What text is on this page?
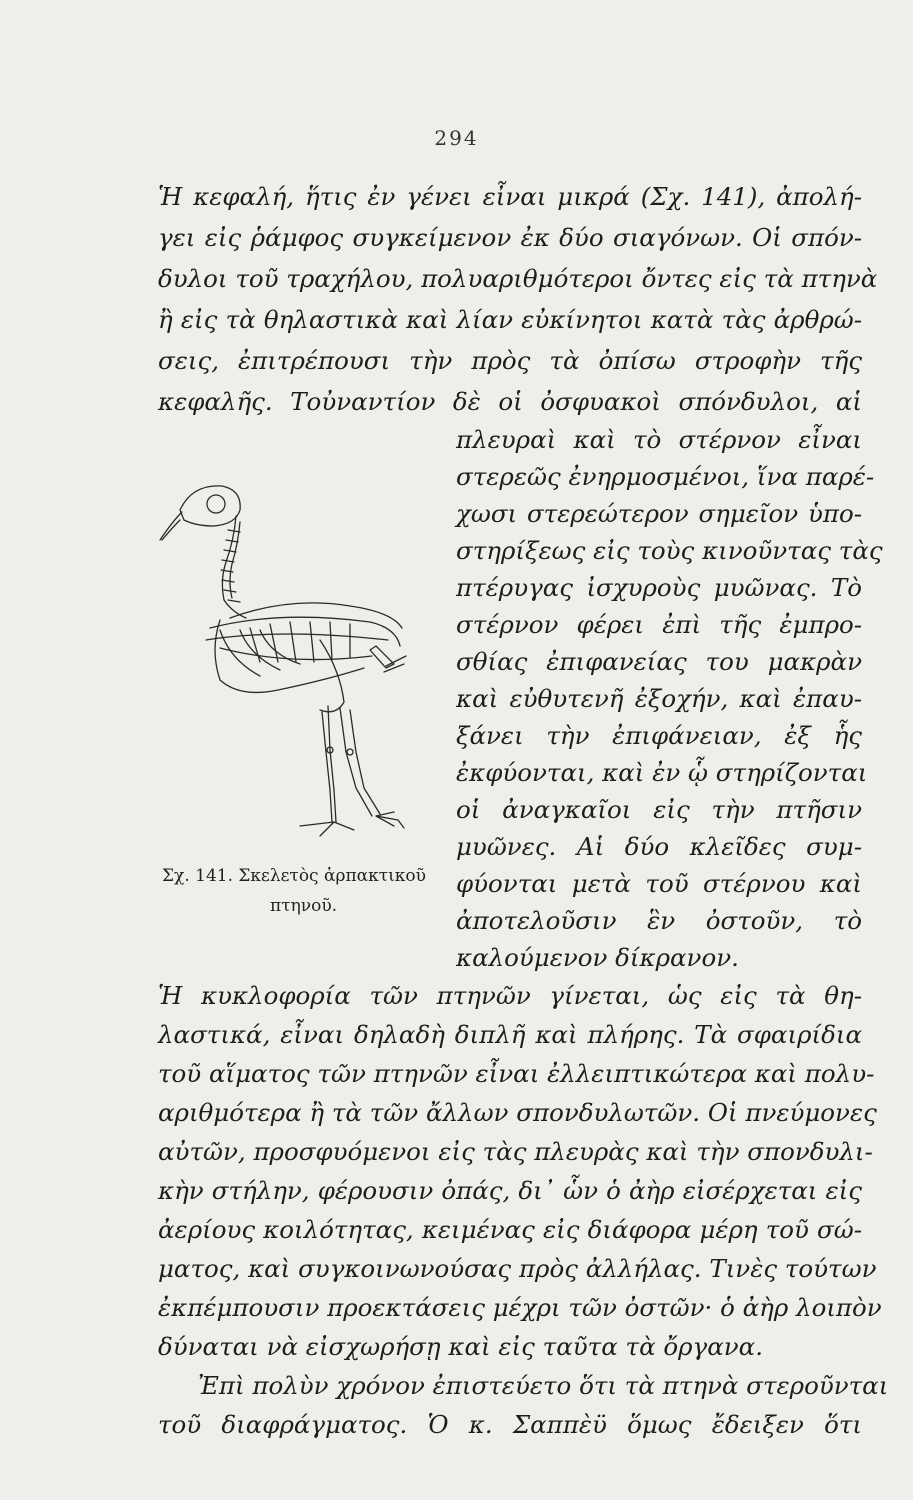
294
Ἡ κεφαλή, ἥτις ἐν γένει εἶναι μικρά (Σχ. 141), ἀπολή-
γει εἰς ῥάμφος συγκείμενον ἐκ δύο σιαγόνων. Οἱ σπόν-
δυλοι τοῦ τραχήλου, πολυαριθμότεροι ὄντες εἰς τὰ πτηνὰ
ἢ εἰς τὰ θηλαστικὰ καὶ λίαν εὐκίνητοι κατὰ τὰς ἀρθρώ-
σεις, ἐπιτρέπουσι τὴν πρὸς τὰ ὀπίσω στροφὴν τῆς
κεφαλῆς. Τοὐναντίον δὲ οἱ ὀσφυακοὶ σπόνδυλοι, αἱ
πλευραὶ καὶ τὸ στέρνον εἶναι
στερεῶς ἐνηρμοσμένοι, ἵνα παρέ-
χωσι στερεώτερον σημεῖον ὑπο-
στηρίξεως εἰς τοὺς κινοῦντας τὰς
πτέρυγας ἰσχυροὺς μυῶνας. Τὸ
στέρνον φέρει ἐπὶ τῆς ἐμπρο-
σθίας ἐπιφανείας του μακρὰν
καὶ εὐθυτενῆ ἐξοχήν, καὶ ἐπαυ-
ξάνει τὴν ἐπιφάνειαν, ἐξ ἧς
ἐκφύονται, καὶ ἐν ᾧ στηρίζονται
οἱ ἀναγκαῖοι εἰς τὴν πτῆσιν
μυῶνες. Αἱ δύο κλεῖδες συμ-
φύονται μετὰ τοῦ στέρνου καὶ
ἀποτελοῦσιν ἓν ὀστοῦν, τὸ
καλούμενον δίκρανον.
Σχ. 141. Σκελετὸς ἁρπακτικοῦ
πτηνοῦ.
Ἡ κυκλοφορία τῶν πτηνῶν γίνεται, ὡς εἰς τὰ θη-
λαστικά, εἶναι δηλαδὴ διπλῆ καὶ πλήρης. Τὰ σφαιρίδια
τοῦ αἵματος τῶν πτηνῶν εἶναι ἐλλειπτικώτερα καὶ πολυ-
αριθμότερα ἢ τὰ τῶν ἄλλων σπονδυλωτῶν. Οἱ πνεύμονες
αὐτῶν, προσφυόμενοι εἰς τὰς πλευρὰς καὶ τὴν σπονδυλι-
κὴν στήλην, φέρουσιν ὀπάς, δι᾽ ὧν ὁ ἀὴρ εἰσέρχεται εἰς
ἀερίους κοιλότητας, κειμένας εἰς διάφορα μέρη τοῦ σώ-
ματος, καὶ συγκοινωνούσας πρὸς ἀλλήλας. Τινὲς τούτων
ἐκπέμπουσιν προεκτάσεις μέχρι τῶν ὀστῶν· ὁ ἀὴρ λοιπὸν
δύναται νὰ εἰσχωρήσῃ καὶ εἰς ταῦτα τὰ ὄργανα.
Ἐπὶ πολὺν χρόνον ἐπιστεύετο ὅτι τὰ πτηνὰ στεροῦνται
τοῦ διαφράγματος. Ὁ κ. Σαππὲϋ ὅμως ἔδειξεν ὅτι
